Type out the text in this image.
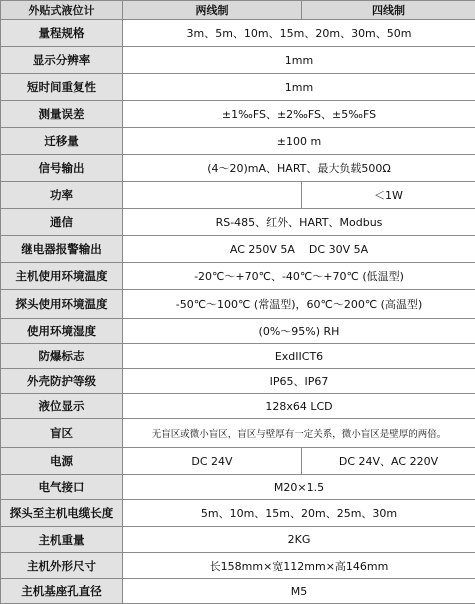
外贴式液位计	两线制	四线制
量程规格	3m、5m、10m、15m、20m、30m、50m	
显示分辨率	1mm	
短时间重复性	1mm	
测量误差	±1‰FS、±2‰FS、±5‰FS	
迁移量	±100 m	
信号输出	(4～20)mA、HART、最大负载500Ω	
功率		＜1W
通信	RS-485、红外、HART、Modbus	
继电器报警输出	AC 250V 5A DC 30V 5A	
主机使用环境温度	-20℃～+70℃、-40℃～+70℃ (低温型)	
探头使用环境温度	-50℃～100℃ (常温型)，60℃～200℃ (高温型)	
使用环境湿度	(0%～95%) RH	
防爆标志	ExdIICT6	
外壳防护等级	IP65、IP67	
液位显示	128x64 LCD	
盲区	无盲区或微小盲区，盲区与壁厚有一定关系，微小盲区是壁厚的两倍。	
电源	DC 24V	DC 24V、AC 220V
电气接口	M20×1.5	
探头至主机电缆长度	5m、10m、15m、20m、25m、30m	
主机重量	2KG	
主机外形尺寸	长158mm×宽112mm×高146mm	
主机基座孔直径	M5	
